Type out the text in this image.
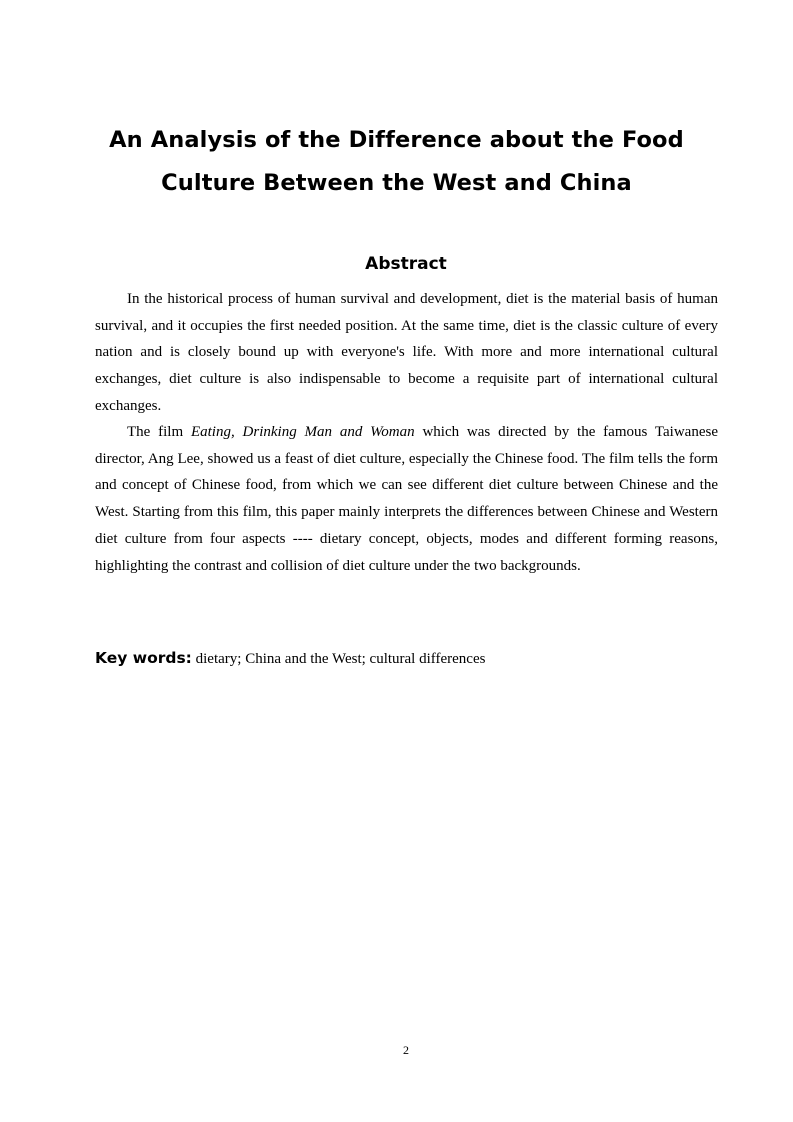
An Analysis of the Difference about the Food
Culture Between the West and China
Abstract

In the historical process of human survival and development, diet is the material basis of human survival, and it occupies the first needed position. At the same time, diet is the classic culture of every nation and is closely bound up with everyone's life. With more and more international cultural exchanges, diet culture is also indispensable to become a requisite part of international cultural exchanges.

The film Eating, Drinking Man and Woman which was directed by the famous Taiwanese director, Ang Lee, showed us a feast of diet culture, especially the Chinese food. The film tells the form and concept of Chinese food, from which we can see different diet culture between Chinese and the West. Starting from this film, this paper mainly interprets the differences between Chinese and Western diet culture from four aspects ---- dietary concept, objects, modes and different forming reasons, highlighting the contrast and collision of diet culture under the two backgrounds.

Key words: dietary; China and the West; cultural differences

2
